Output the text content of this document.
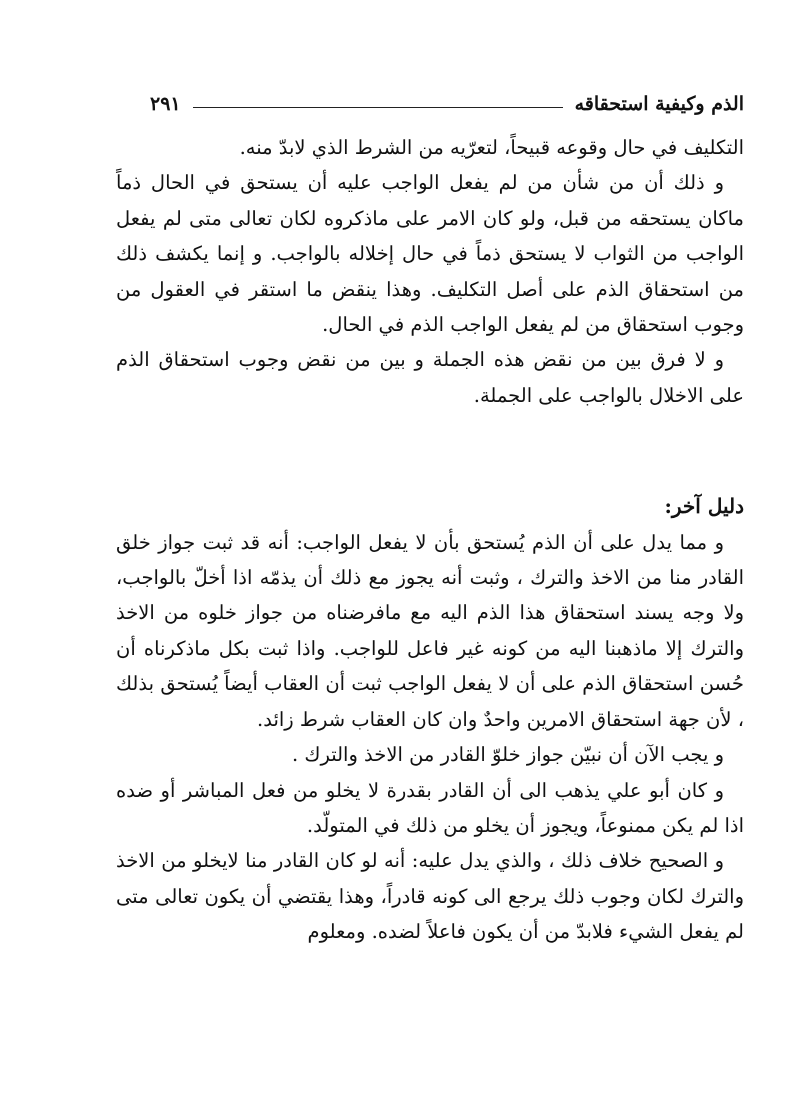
الذم وكيفية استحقاقه
٢٩١

التكليف في حال وقوعه قبيحاً، لتعرّيه من الشرط الذي لابدّ منه.

و ذلك أن من شأن من لم يفعل الواجب عليه أن يستحق في الحال ذماً ماكان يستحقه من قبل، ولو كان الامر على ماذكروه لكان تعالى متى لم يفعل الواجب من الثواب لا يستحق ذماً في حال إخلاله بالواجب. و إنما يكشف ذلك من استحقاق الذم على أصل التكليف. وهذا ينقض ما استقر في العقول من وجوب استحقاق من لم يفعل الواجب الذم في الحال.

و لا فرق بين من نقض هذه الجملة و بين من نقض وجوب استحقاق الذم على الاخلال بالواجب على الجملة.

دليل آخر:

و مما يدل على أن الذم يُستحق بأن لا يفعل الواجب: أنه قد ثبت جواز خلق القادر منا من الاخذ والترك ، وثبت أنه يجوز مع ذلك أن يذمّه اذا أخلّ بالواجب، ولا وجه يسند استحقاق هذا الذم اليه مع مافرضناه من جواز خلوه من الاخذ والترك إلا ماذهبنا اليه من كونه غير فاعل للواجب. واذا ثبت بكل ماذكرناه أن حُسن استحقاق الذم على أن لا يفعل الواجب ثبت أن العقاب أيضاً يُستحق بذلك ، لأن جهة استحقاق الامرين واحدٌ وان كان العقاب شرط زائد.

و يجب الآن أن نبيّن جواز خلوّ القادر من الاخذ والترك .

و كان أبو علي يذهب الى أن القادر بقدرة لا يخلو من فعل المباشر أو ضده اذا لم يكن ممنوعاً، ويجوز أن يخلو من ذلك في المتولّد.

و الصحيح خلاف ذلك ، والذي يدل عليه: أنه لو كان القادر منا لايخلو من الاخذ والترك لكان وجوب ذلك يرجع الى كونه قادراً، وهذا يقتضي أن يكون تعالى متى لم يفعل الشيء فلابدّ من أن يكون فاعلاً لضده. ومعلوم
